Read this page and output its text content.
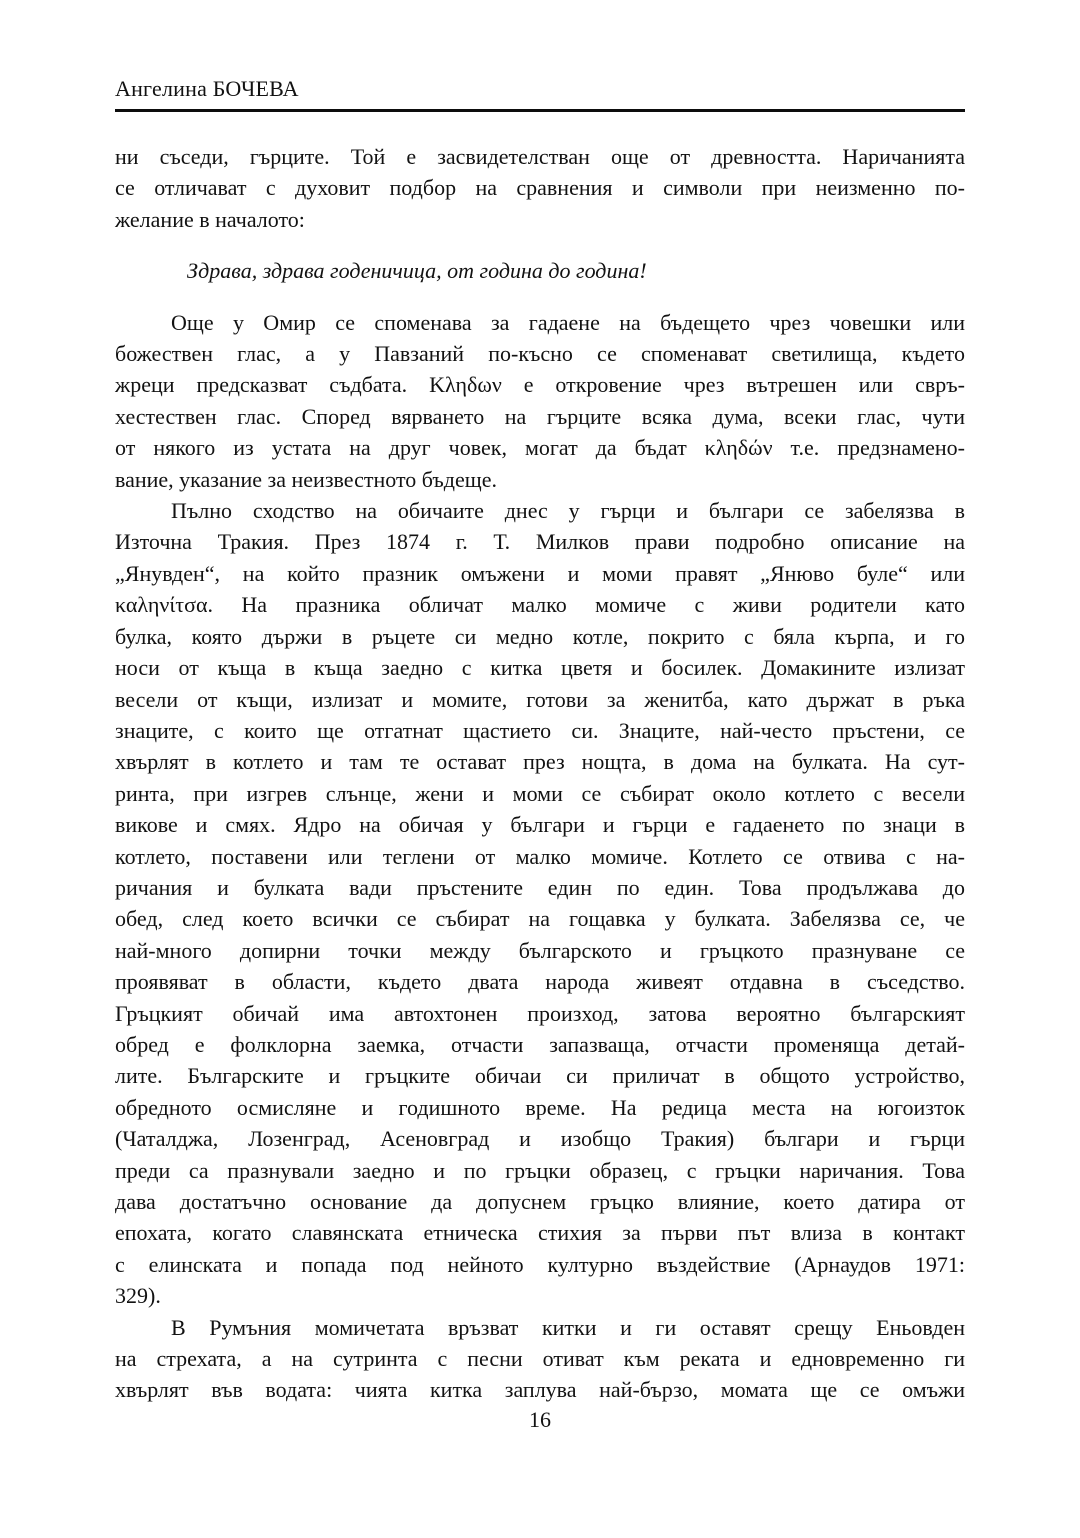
Ангелина БОЧЕВА
ни съседи, гърците. Той е засвидетелстван още от древността. Наричанията
се отличават с духовит подбор на сравнения и символи при неизменно по-
желание в началото:
Здрава, здрава годеничица, от година до година!
Още у Омир се споменава за гадаене на бъдещето чрез човешки или
божествен глас, а у Павзаний по-късно се споменават светилища, където
жреци предсказват съдбата. Κληδων е откровение чрез вътрешен или свръ-
хестествен глас. Според вярването на гърците всяка дума, всеки глас, чути
от някого из устата на друг човек, могат да бъдат κληδών т.е. предзнамено-
вание, указание за неизвестното бъдеще.
Пълно сходство на обичаите днес у гърци и българи се забелязва в
Източна Тракия. През 1874 г. Т. Милков прави подробно описание на
„Янувден“, на който празник омъжени и моми правят „Янюво буле“ или
καληνίτσα. На празника обличат малко момиче с живи родители като
булка, която държи в ръцете си медно котле, покрито с бяла кърпа, и го
носи от къща в къща заедно с китка цветя и босилек. Домакините излизат
весели от къщи, излизат и момите, готови за женитба, като държат в ръка
знаците, с които ще отгатнат щастието си. Знаците, най-често пръстени, се
хвърлят в котлето и там те остават през нощта, в дома на булката. На сут-
ринта, при изгрев слънце, жени и моми се събират около котлето с весели
викове и смях. Ядро на обичая у българи и гърци е гадаенето по знаци в
котлето, поставени или теглени от малко момиче. Котлето се отвива с на-
ричания и булката вади пръстените един по един. Това продължава до
обед, след което всички се събират на гощавка у булката. Забелязва се, че
най-много допирни точки между българското и гръцкото празнуване се
проявяват в области, където двата народа живеят отдавна в съседство.
Гръцкият обичай има автохтонен произход, затова вероятно българският
обред е фолклорна заемка, отчасти запазваща, отчасти променяща детай-
лите. Българските и гръцките обичаи си приличат в общото устройство,
обредното осмисляне и годишното време. На редица места на югоизток
(Чаталджа, Лозенград, Асеновград и изобщо Тракия) българи и гърци
преди са празнували заедно и по гръцки образец, с гръцки наричания. Това
дава достатъчно основание да допуснем гръцко влияние, което датира от
епохата, когато славянската етническа стихия за първи път влиза в контакт
с елинската и попада под нейното културно въздействие (Арнаудов 1971:
329).
В Румъния момичетата връзват китки и ги оставят срещу Еньовден
на стрехата, а на сутринта с песни отиват към реката и едновременно ги
хвърлят във водата: чията китка заплува най-бързо, момата ще се омъжи
16
